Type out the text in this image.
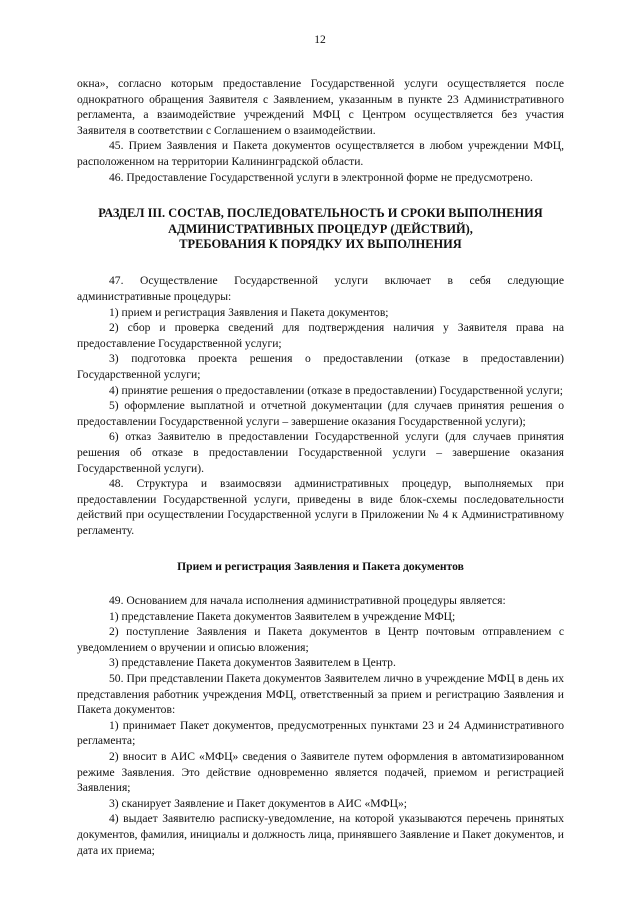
12

окна», согласно которым предоставление Государственной услуги осуществляется после однократного обращения Заявителя с Заявлением, указанным в пункте 23 Административного регламента, а взаимодействие учреждений МФЦ с Центром осуществляется без участия Заявителя в соответствии с Соглашением о взаимодействии.

45. Прием Заявления и Пакета документов осуществляется в любом учреждении МФЦ, расположенном на территории Калининградской области.

46. Предоставление Государственной услуги в электронной форме не предусмотрено.

РАЗДЕЛ III. СОСТАВ, ПОСЛЕДОВАТЕЛЬНОСТЬ И СРОКИ ВЫПОЛНЕНИЯ
АДМИНИСТРАТИВНЫХ ПРОЦЕДУР (ДЕЙСТВИЙ),
ТРЕБОВАНИЯ К ПОРЯДКУ ИХ ВЫПОЛНЕНИЯ

47. Осуществление Государственной услуги включает в себя следующие административные процедуры:

1) прием и регистрация Заявления и Пакета документов;

2) сбор и проверка сведений для подтверждения наличия у Заявителя права на предоставление Государственной услуги;

3) подготовка проекта решения о предоставлении (отказе в предоставлении) Государственной услуги;

4) принятие решения о предоставлении (отказе в предоставлении) Государственной услуги;

5) оформление выплатной и отчетной документации (для случаев принятия решения о предоставлении Государственной услуги – завершение оказания Государственной услуги);

6) отказ Заявителю в предоставлении Государственной услуги (для случаев принятия решения об отказе в предоставлении Государственной услуги – завершение оказания Государственной услуги).

48. Структура и взаимосвязи административных процедур, выполняемых при предоставлении Государственной услуги, приведены в виде блок-схемы последовательности действий при осуществлении Государственной услуги в Приложении № 4 к Административному регламенту.

Прием и регистрация Заявления и Пакета документов

49. Основанием для начала исполнения административной процедуры является:

1) представление Пакета документов Заявителем в учреждение МФЦ;

2) поступление Заявления и Пакета документов в Центр почтовым отправлением с уведомлением о вручении и описью вложения;

3) представление Пакета документов Заявителем в Центр.

50. При представлении Пакета документов Заявителем лично в учреждение МФЦ в день их представления работник учреждения МФЦ, ответственный за прием и регистрацию Заявления и Пакета документов:

1) принимает Пакет документов, предусмотренных пунктами 23 и 24 Административного регламента;

2) вносит в АИС «МФЦ» сведения о Заявителе путем оформления в автоматизированном режиме Заявления. Это действие одновременно является подачей, приемом и регистрацией Заявления;

3) сканирует Заявление и Пакет документов в АИС «МФЦ»;

4) выдает Заявителю расписку-уведомление, на которой указываются перечень принятых документов, фамилия, инициалы и должность лица, принявшего Заявление и Пакет документов, и дата их приема;
